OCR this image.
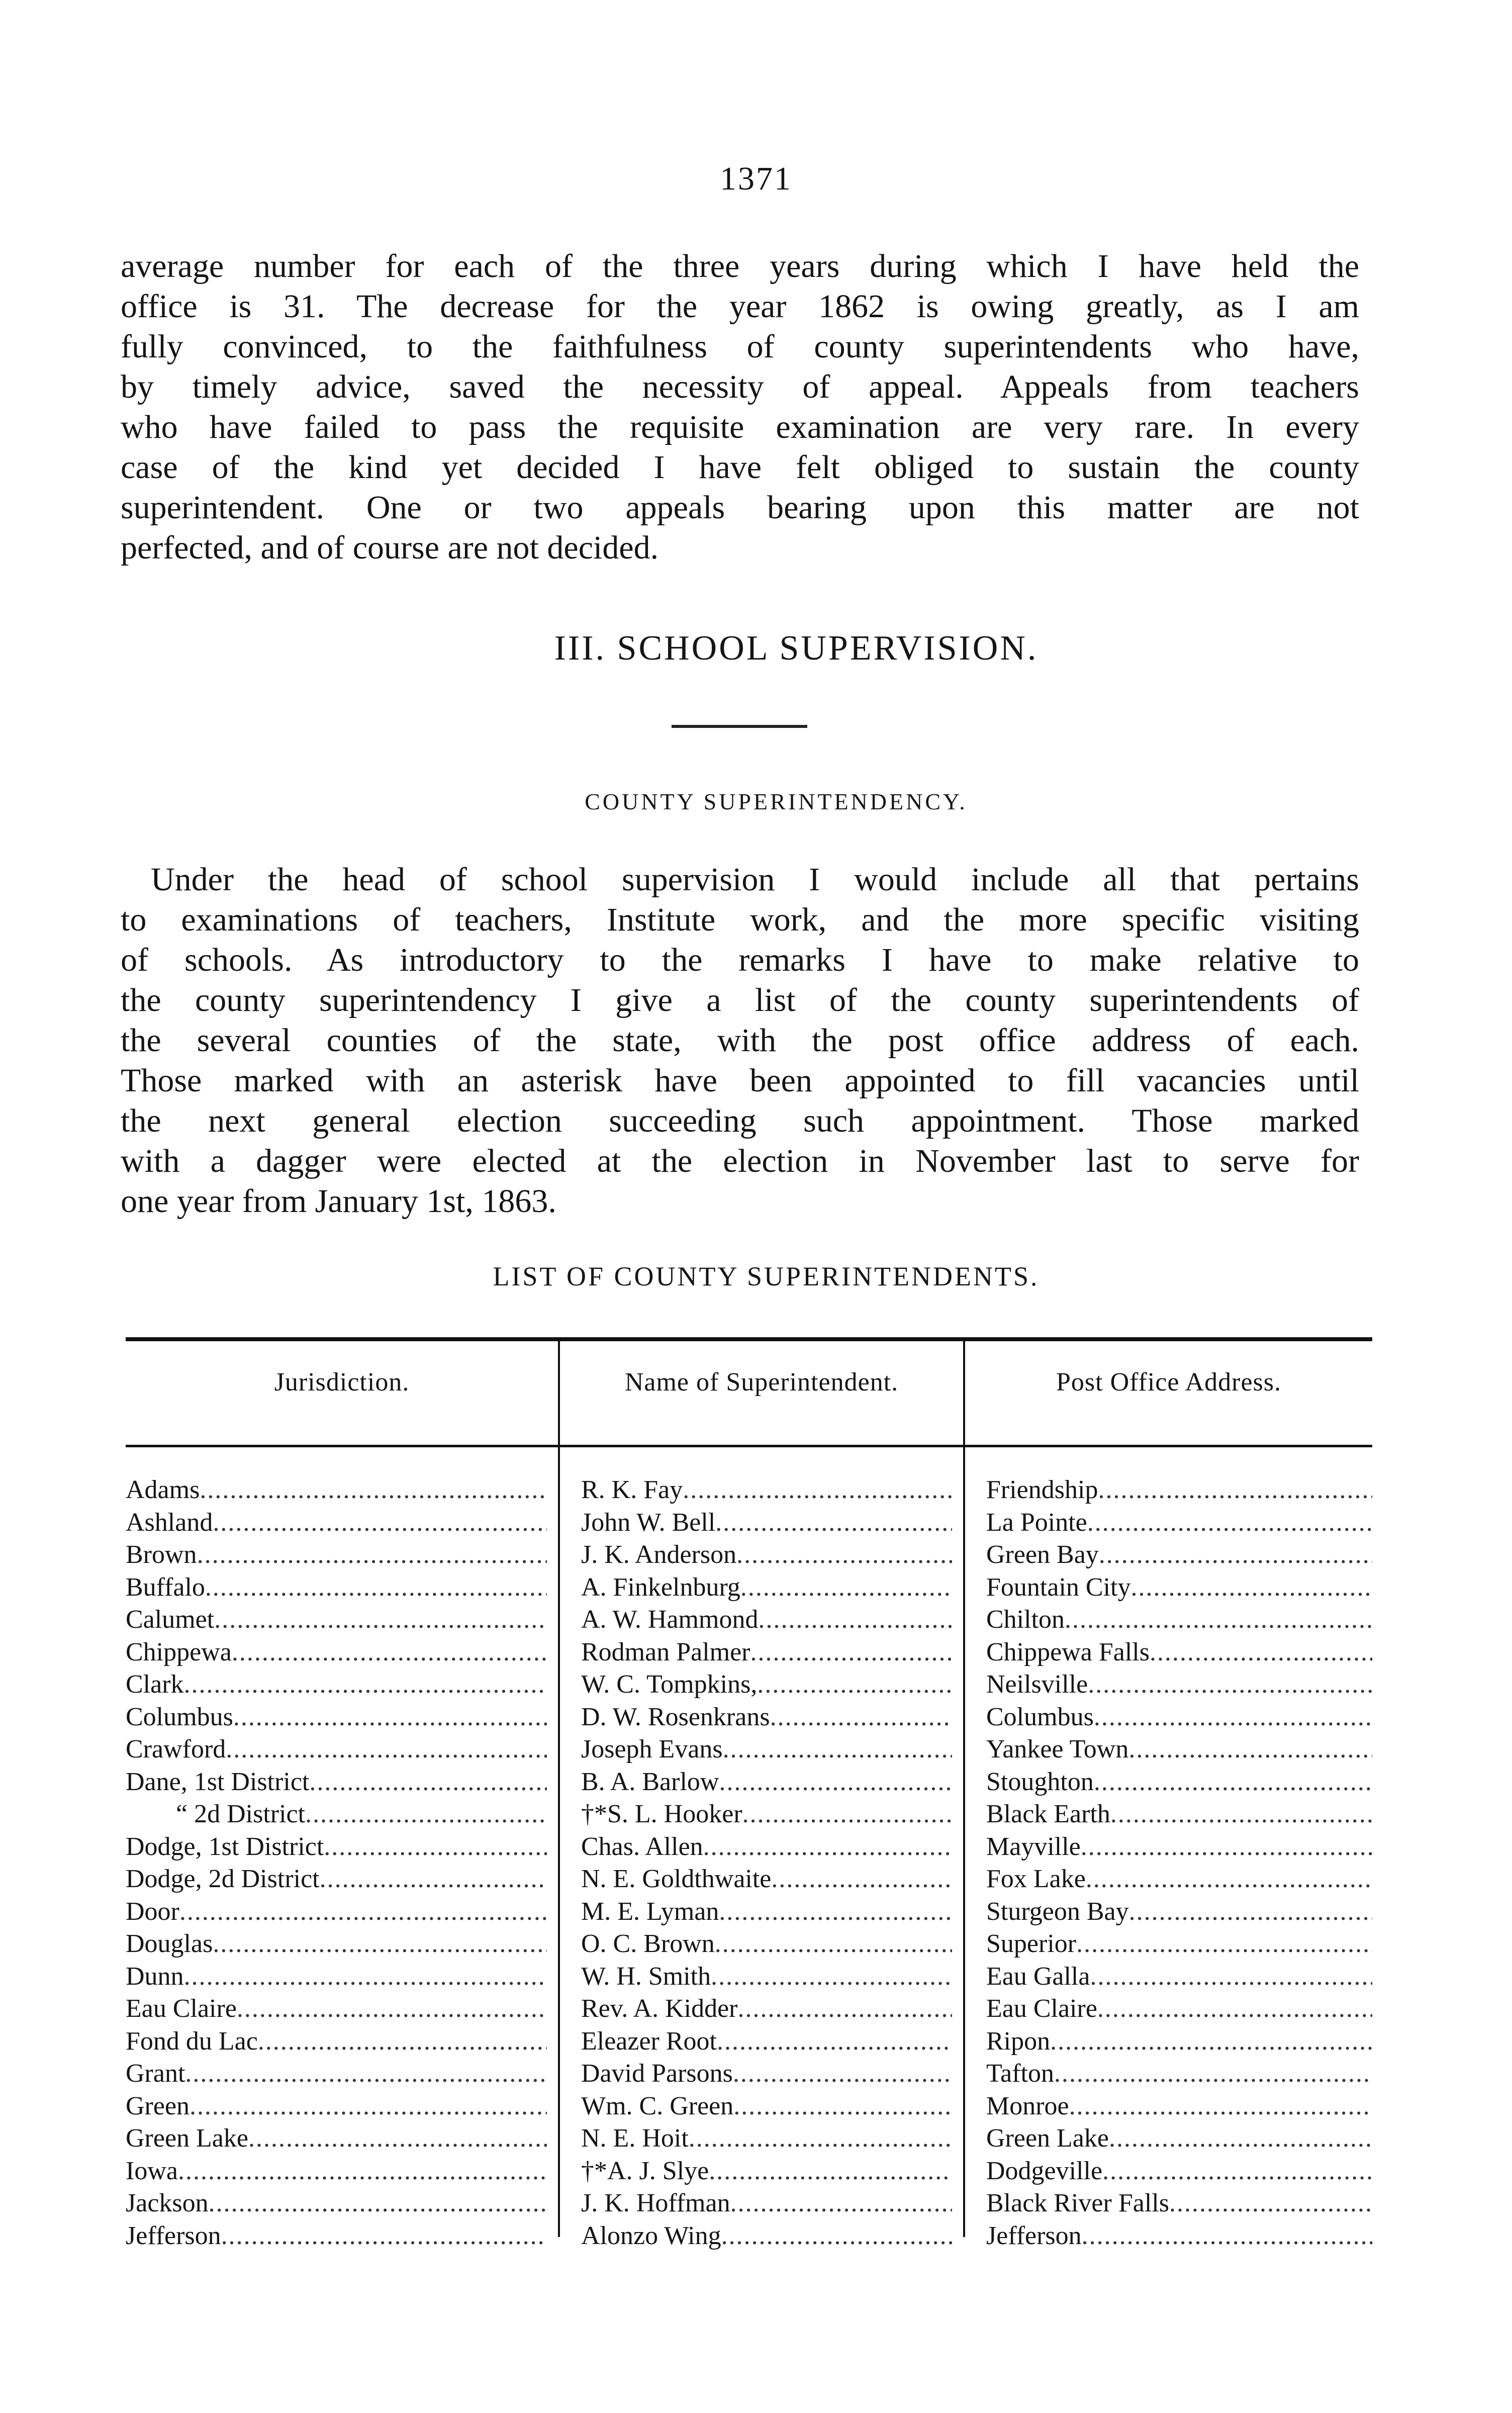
1371

average number for each of the three years during which I have held the
office is 31. The decrease for the year 1862 is owing greatly, as I am
fully convinced, to the faithfulness of county superintendents who have,
by timely advice, saved the necessity of appeal. Appeals from teachers
who have failed to pass the requisite examination are very rare. In every
case of the kind yet decided I have felt obliged to sustain the county
superintendent. One or two appeals bearing upon this matter are not
perfected, and of course are not decided.

III. SCHOOL SUPERVISION.
COUNTY SUPERINTENDENCY.

Under the head of school supervision I would include all that pertains
to examinations of teachers, Institute work, and the more specific visiting
of schools. As introductory to the remarks I have to make relative to
the county superintendency I give a list of the county superintendents of
the several counties of the state, with the post office address of each.
Those marked with an asterisk have been appointed to fill vacancies until
the next general election succeeding such appointment. Those marked
with a dagger were elected at the election in November last to serve for
one year from January 1st, 1863.

LIST OF COUNTY SUPERINTENDENTS.
Jurisdiction.	Name of Superintendent.	Post Office Address.
Adams .....	R. K. Fay .....	Friendship
.....
Ashland .....	John W. Bell .....	La Pointe
.....
Brown .....	J. K. Anderson .....	Green Bay
.....
Buffalo .....	A. Finkelnburg .....	Fountain City
.....
Calumet .....	A. W. Hammond .....	Chilton
.....
Chippewa .....	Rodman Palmer .....	Chippewa Falls
.....
Clark .....	W. C. Tompkins, .....	Neilsville
.....
Columbus .....	D. W. Rosenkrans .....	Columbus
.....
Crawford .....	Joseph Evans .....	Yankee Town
.....
Dane, 1st District .....	B. A. Barlow .....	Stoughton
.....
“ 2d District .....	†*S. L. Hooker .....	Black Earth
.....
Dodge, 1st District .....	Chas. Allen .....	Mayville
.....
Dodge, 2d District .....	N. E. Goldthwaite .....	Fox Lake
.....
Door .....	M. E. Lyman .....	Sturgeon Bay
.....
Douglas .....	O. C. Brown .....	Superior
.....
Dunn .....	W. H. Smith .....	Eau Galla
.....
Eau Claire .....	Rev. A. Kidder .....	Eau Claire
.....
Fond du Lac .....	Eleazer Root .....	Ripon
.....
Grant .....	David Parsons .....	Tafton
.....
Green .....	Wm. C. Green .....	Monroe
.....
Green Lake .....	N. E. Hoit .....	Green Lake
.....
Iowa .....	†*A. J. Slye .....	Dodgeville
.....
Jackson .....	J. K. Hoffman .....	Black River Falls
.....
Jefferson .....	Alonzo Wing .....	Jefferson
.....
